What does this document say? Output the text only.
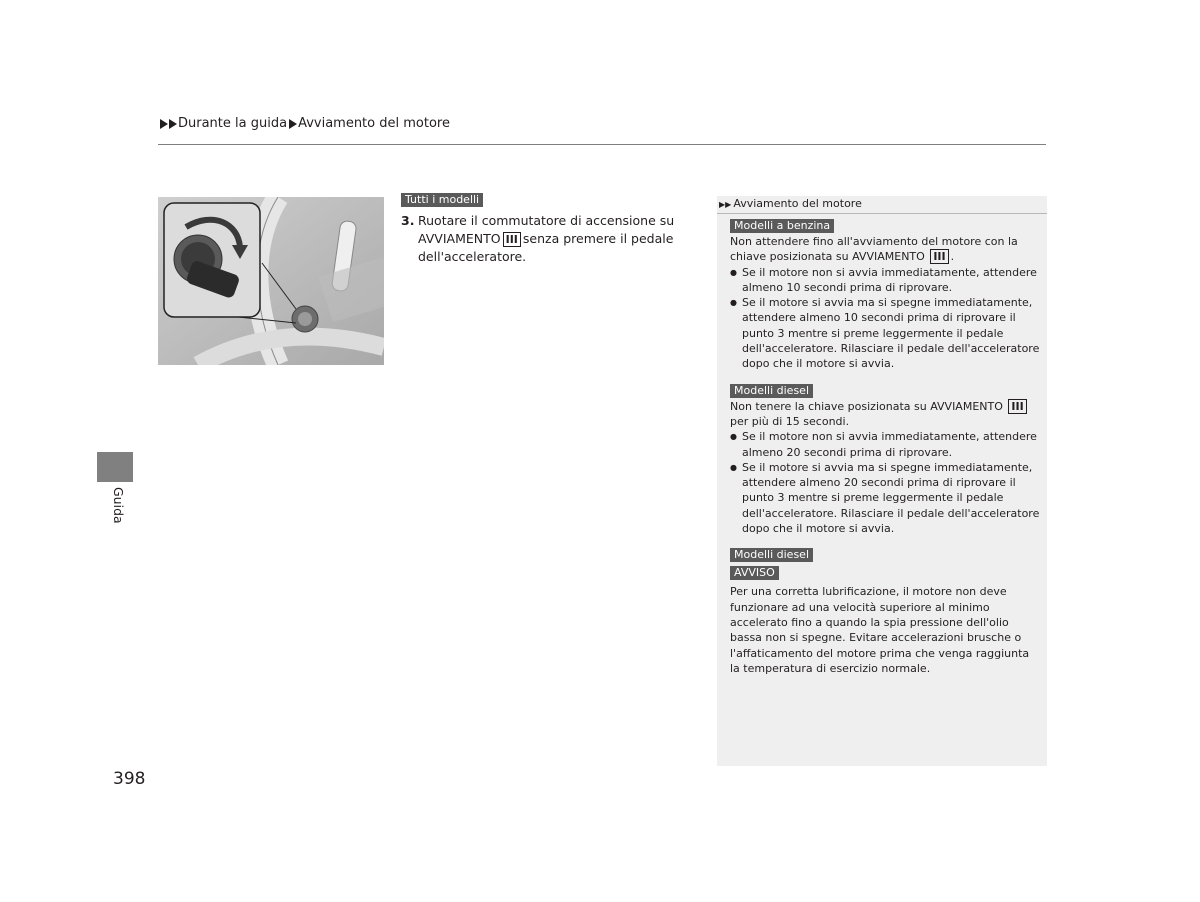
Durante la guida Avviamento del motore
Tutti i modelli
3. Ruotare il commutatore di accensione su AVVIAMENTO III senza premere il pedale dell'acceleratore.
▶▶ Avviamento del motore
Modelli a benzina

Non attendere fino all'avviamento del motore con la chiave posizionata su AVVIAMENTO III .

● Se il motore non si avvia immediatamente, attendere almeno 10 secondi prima di riprovare.

● Se il motore si avvia ma si spegne immediatamente, attendere almeno 10 secondi prima di riprovare il punto 3 mentre si preme leggermente il pedale dell'acceleratore. Rilasciare il pedale dell'acceleratore dopo che il motore si avvia.

Modelli diesel

Non tenere la chiave posizionata su AVVIAMENTO III per più di 15 secondi.

● Se il motore non si avvia immediatamente, attendere almeno 20 secondi prima di riprovare.

● Se il motore si avvia ma si spegne immediatamente, attendere almeno 20 secondi prima di riprovare il punto 3 mentre si preme leggermente il pedale dell'acceleratore. Rilasciare il pedale dell'acceleratore dopo che il motore si avvia.

Modelli diesel
AVVISO

Per una corretta lubrificazione, il motore non deve funzionare ad una velocità superiore al minimo accelerato fino a quando la spia pressione dell'olio bassa non si spegne. Evitare accelerazioni brusche o l'affaticamento del motore prima che venga raggiunta la temperatura di esercizio normale.

Guida
398
